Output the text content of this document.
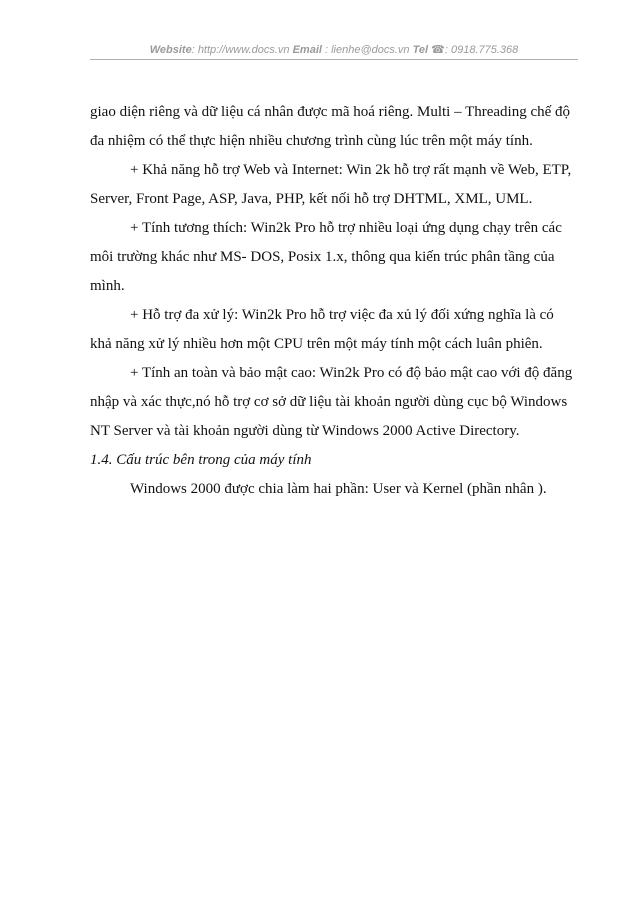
Website: http://www.docs.vn Email : lienhe@docs.vn Tel ☎: 0918.775.368

giao diện riêng và dữ liệu cá nhân được mã hoá riêng. Multi – Threading chế độ đa nhiệm có thể thực hiện nhiều chương trình cùng lúc trên một máy tính.

+ Khả năng hỗ trợ Web và Internet: Win 2k hỗ trợ rất mạnh về Web, ETP, Server, Front Page, ASP, Java, PHP, kết nối hỗ trợ DHTML, XML, UML.

+ Tính tương thích: Win2k Pro hỗ trợ nhiều loại ứng dụng chạy trên các môi trường khác như MS- DOS, Posix 1.x, thông qua kiến trúc phân tầng của mình.

+ Hỗ trợ đa xử lý: Win2k Pro hỗ trợ việc đa xủ lý đối xứng nghĩa là có khả năng xử lý nhiều hơn một CPU trên một máy tính một cách luân phiên.

+ Tính an toàn và bảo mật cao: Win2k Pro có độ bảo mật cao với độ đăng nhập và xác thực,nó hỗ trợ cơ sở dữ liệu tài khoản người dùng cục bộ Windows NT Server và tài khoản người dùng từ Windows 2000 Active Directory.

1.4. Cấu trúc bên trong của máy tính

Windows 2000 được chia làm hai phần: User và Kernel (phần nhân ).
